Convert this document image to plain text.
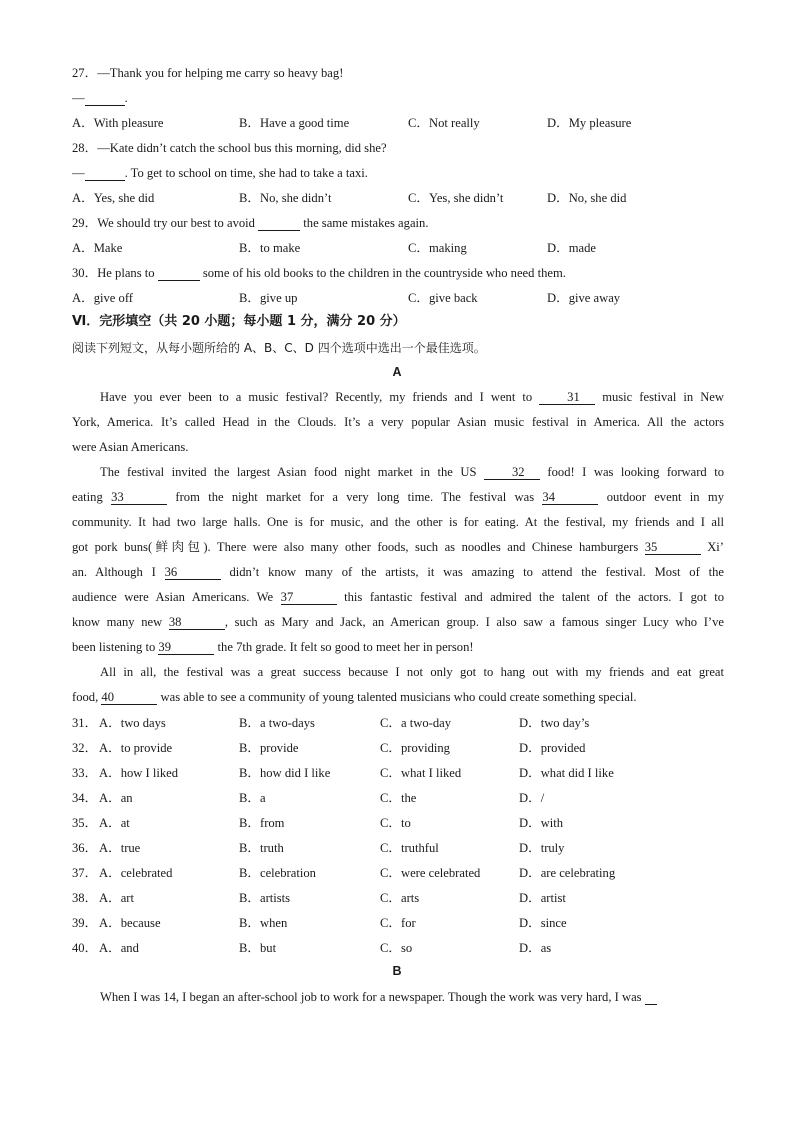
27．—Thank you for helping me carry so heavy bag!
—	.
A．With pleasure	B．Have a good time	C．Not really	D．My pleasure
28．—Kate didn’t catch the school bus this morning, did she?
—	. To get to school on time, she had to take a taxi.
A．Yes, she did	B．No, she didn’t	C．Yes, she didn’t	D．No, she did
29．We should try our best to avoid	the same mistakes again.
A．Make	B．to make	C．making	D．made
30．He plans to	some of his old books to the children in the countryside who need them.
A．give off	B．give up	C．give back	D．give away
Ⅵ．完形填空（共 20 小题；每小题 1 分，满分 20 分）
阅读下列短文，从每小题所给的 A、B、C、D 四个选项中选出一个最佳选项。
A
Have you ever been to a music festival? Recently, my friends and I went to 31 music festival in New
York, America. It’s called Head in the Clouds. It’s a very popular Asian music festival in America. All the actors
were Asian Americans.
The festival invited the largest Asian food night market in the US 32 food! I was looking forward to
eating 33	from the night market for a very long time. The festival was 34	outdoor event in my
community. It had two large halls. One is for music, and the other is for eating. At the festival, my friends and I all
got pork buns(鲜肉包). There were also many other foods, such as noodles and Chinese hamburgers 35	Xi’
an. Although I 36	didn’t know many of the artists, it was amazing to attend the festival. Most of the
audience were Asian Americans. We 37	this fantastic festival and admired the talent of the actors. I got to
know many new 38	, such as Mary and Jack, an American group. I also saw a famous singer Lucy who I’ve
been listening to 39	the 7th grade. It felt so good to meet her in person!
All in all, the festival was a great success because I not only got to hang out with my friends and eat great
food, 40	was able to see a community of young talented musicians who could create something special.
31． A．two days	B．a two-days	C．a two-day	D．two day’s
32． A．to provide	B．provide	C．providing	D．provided
33． A．how I liked	B．how did I like	C．what I liked	D．what did I like
34． A．an	B．a	C．the	D．/
35． A．at	B．from	C．to	D．with
36． A．true	B．truth	C．truthful	D．truly
37． A．celebrated	B．celebration	C．were celebrated	D．are celebrating
38． A．art	B．artists	C．arts	D．artist
39． A．because	B．when	C．for	D．since
40． A．and	B．but	C．so	D．as
B
When I was 14, I began an after-school job to work for a newspaper. Though the work was very hard, I was
